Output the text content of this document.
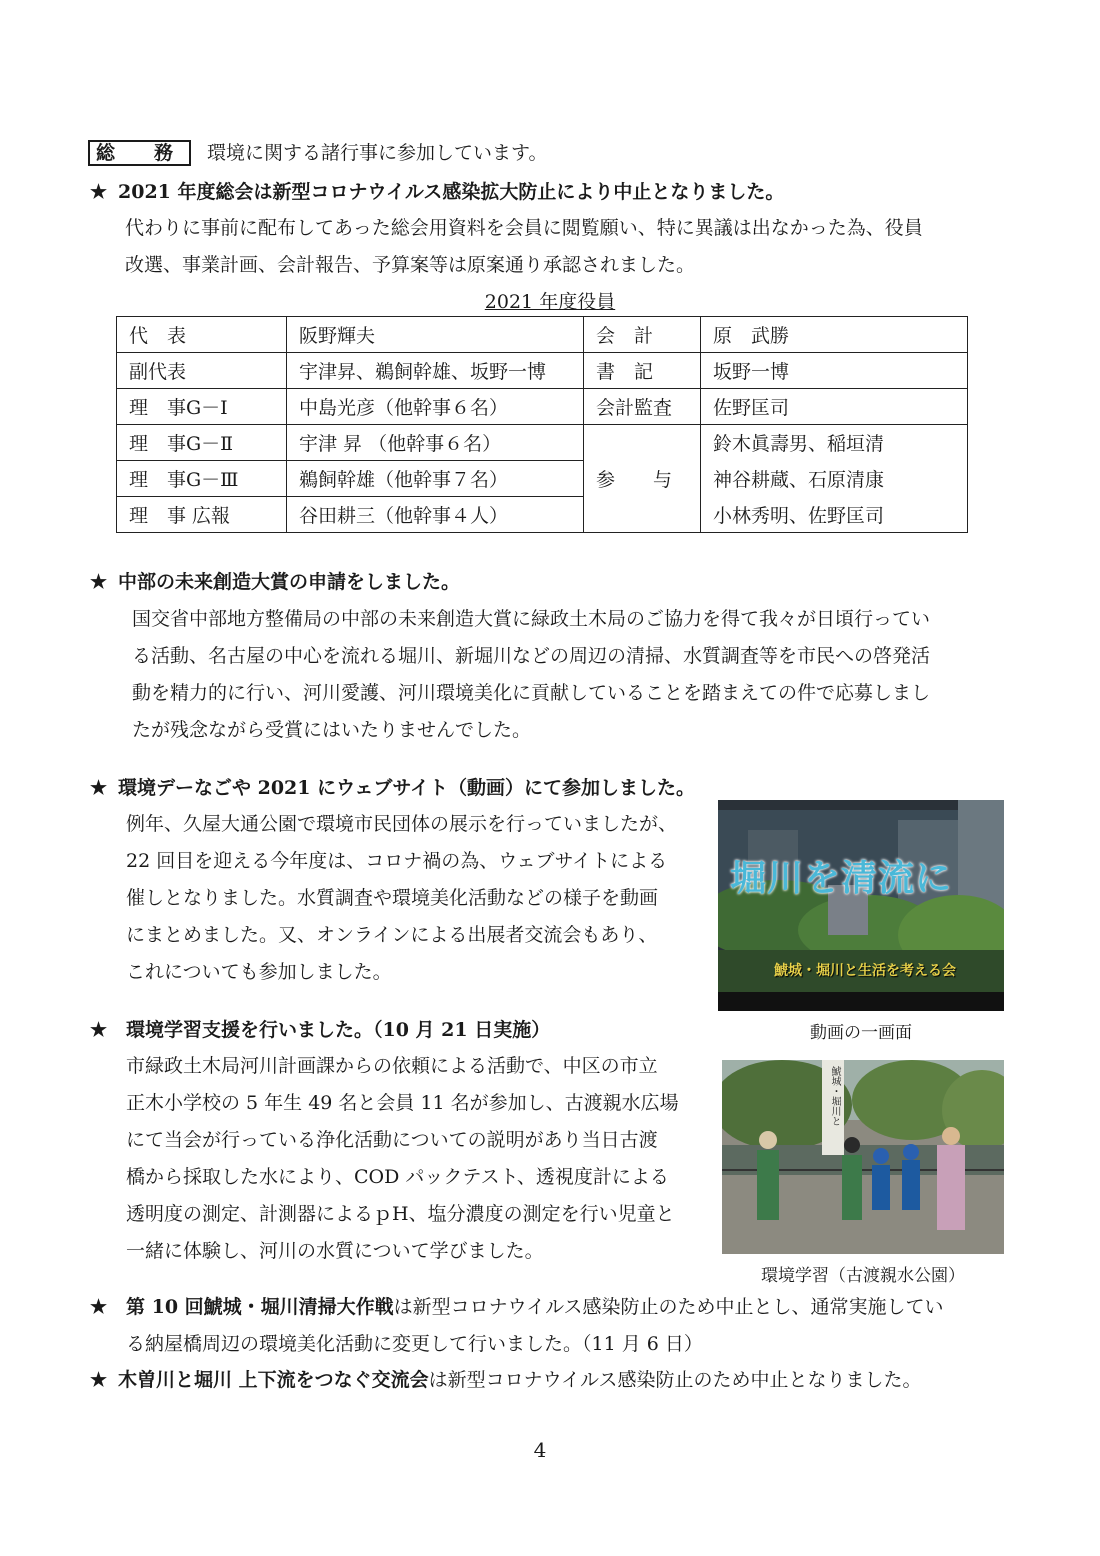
総　務 環境に関する諸行事に参加しています。
★ 2021 年度総会は新型コロナウイルス感染拡大防止により中止となりました。
代わりに事前に配布してあった総会用資料を会員に閲覧願い、特に異議は出なかった為、役員
改選、事業計画、会計報告、予算案等は原案通り承認されました。
2021 年度役員
代　表	阪野輝夫	会　計	原　武勝
副代表	宇津昇、鵜飼幹雄、坂野一博	書　記	坂野一博
理　事G－Ⅰ	中島光彦（他幹事６名）	会計監査	佐野匡司
理　事G－Ⅱ	宇津 昇 （他幹事６名）	参　　与	鈴木眞壽男、稲垣清
理　事G－Ⅲ	鵜飼幹雄（他幹事７名）		神谷耕蔵、石原清康
理　事 広報	谷田耕三（他幹事４人）		小林秀明、佐野匡司
★ 中部の未来創造大賞の申請をしました。
国交省中部地方整備局の中部の未来創造大賞に緑政土木局のご協力を得て我々が日頃行ってい
る活動、名古屋の中心を流れる堀川、新堀川などの周辺の清掃、水質調査等を市民への啓発活
動を精力的に行い、河川愛護、河川環境美化に貢献していることを踏まえての件で応募しまし
たが残念ながら受賞にはいたりませんでした。
★ 環境デーなごや 2021 にウェブサイト（動画）にて参加しました。
例年、久屋大通公園で環境市民団体の展示を行っていましたが、
22 回目を迎える今年度は、コロナ禍の為、ウェブサイトによる
催しとなりました。水質調査や環境美化活動などの様子を動画
にまとめました。又、オンラインによる出展者交流会もあり、
これについても参加しました。
堀川を清流に
鯱城・堀川と生活を考える会
動画の一画面
★ 環境学習支援を行いました。（10 月 21 日実施）
市緑政土木局河川計画課からの依頼による活動で、中区の市立
正木小学校の 5 年生 49 名と会員 11 名が参加し、古渡親水広場
にて当会が行っている浄化活動についての説明があり当日古渡
橋から採取した水により、COD パックテスト、透視度計による
透明度の測定、計測器によるｐH、塩分濃度の測定を行い児童と
一緒に体験し、河川の水質について学びました。
鯱城・堀川と
環境学習（古渡親水公園）
★ 第 10 回鯱城・堀川清掃大作戦は新型コロナウイルス感染防止のため中止とし、通常実施してい
る納屋橋周辺の環境美化活動に変更して行いました。（11 月 6 日）
★ 木曽川と堀川 上下流をつなぐ交流会は新型コロナウイルス感染防止のため中止となりました。
4
